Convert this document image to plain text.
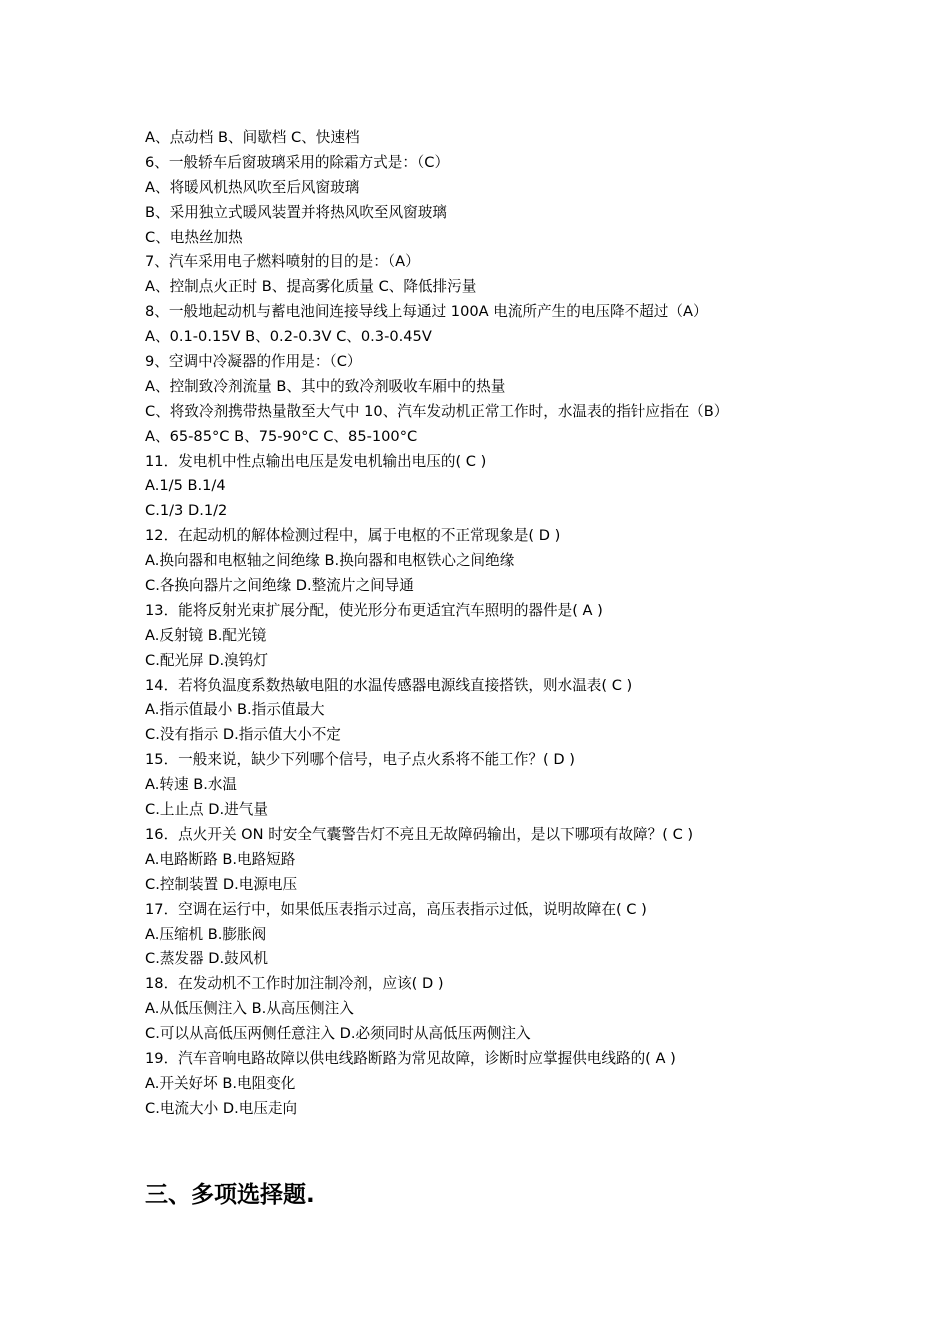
A、点动档 B、间歇档 C、快速档
6、一般轿车后窗玻璃采用的除霜方式是：（C）
A、将暖风机热风吹至后风窗玻璃
B、采用独立式暖风装置并将热风吹至风窗玻璃
C、电热丝加热
7、汽车采用电子燃料喷射的目的是：（A）
A、控制点火正时 B、提高雾化质量 C、降低排污量
8、一般地起动机与蓄电池间连接导线上每通过 100A 电流所产生的电压降不超过（A）
A、0.1-0.15V B、0.2-0.3V C、0.3-0.45V
9、空调中冷凝器的作用是：（C）
A、控制致冷剂流量 B、其中的致冷剂吸收车厢中的热量
C、将致冷剂携带热量散至大气中 10、汽车发动机正常工作时，水温表的指针应指在（B）
A、65-85°C B、75-90°C C、85-100°C
11．发电机中性点输出电压是发电机输出电压的( C )
A.1/5 B.1/4
C.1/3 D.1/2
12．在起动机的解体检测过程中，属于电枢的不正常现象是( D )
A.换向器和电枢轴之间绝缘 B.换向器和电枢铁心之间绝缘
C.各换向器片之间绝缘 D.整流片之间导通
13．能将反射光束扩展分配，使光形分布更适宜汽车照明的器件是( A )
A.反射镜 B.配光镜
C.配光屏 D.溴钨灯
14．若将负温度系数热敏电阻的水温传感器电源线直接搭铁，则水温表( C )
A.指示值最小 B.指示值最大
C.没有指示 D.指示值大小不定
15．一般来说，缺少下列哪个信号，电子点火系将不能工作？( D )
A.转速 B.水温
C.上止点 D.进气量
16．点火开关 ON 时安全气囊警告灯不亮且无故障码输出，是以下哪项有故障？( C )
A.电路断路 B.电路短路
C.控制装置 D.电源电压
17．空调在运行中，如果低压表指示过高，高压表指示过低，说明故障在( C )
A.压缩机 B.膨胀阀
C.蒸发器 D.鼓风机
18．在发动机不工作时加注制冷剂，应该( D )
A.从低压侧注入 B.从高压侧注入
C.可以从高低压两侧任意注入 D.必须同时从高低压两侧注入
19．汽车音响电路故障以供电线路断路为常见故障，诊断时应掌握供电线路的( A )
A.开关好坏 B.电阻变化
C.电流大小 D.电压走向
三、多项选择题.
